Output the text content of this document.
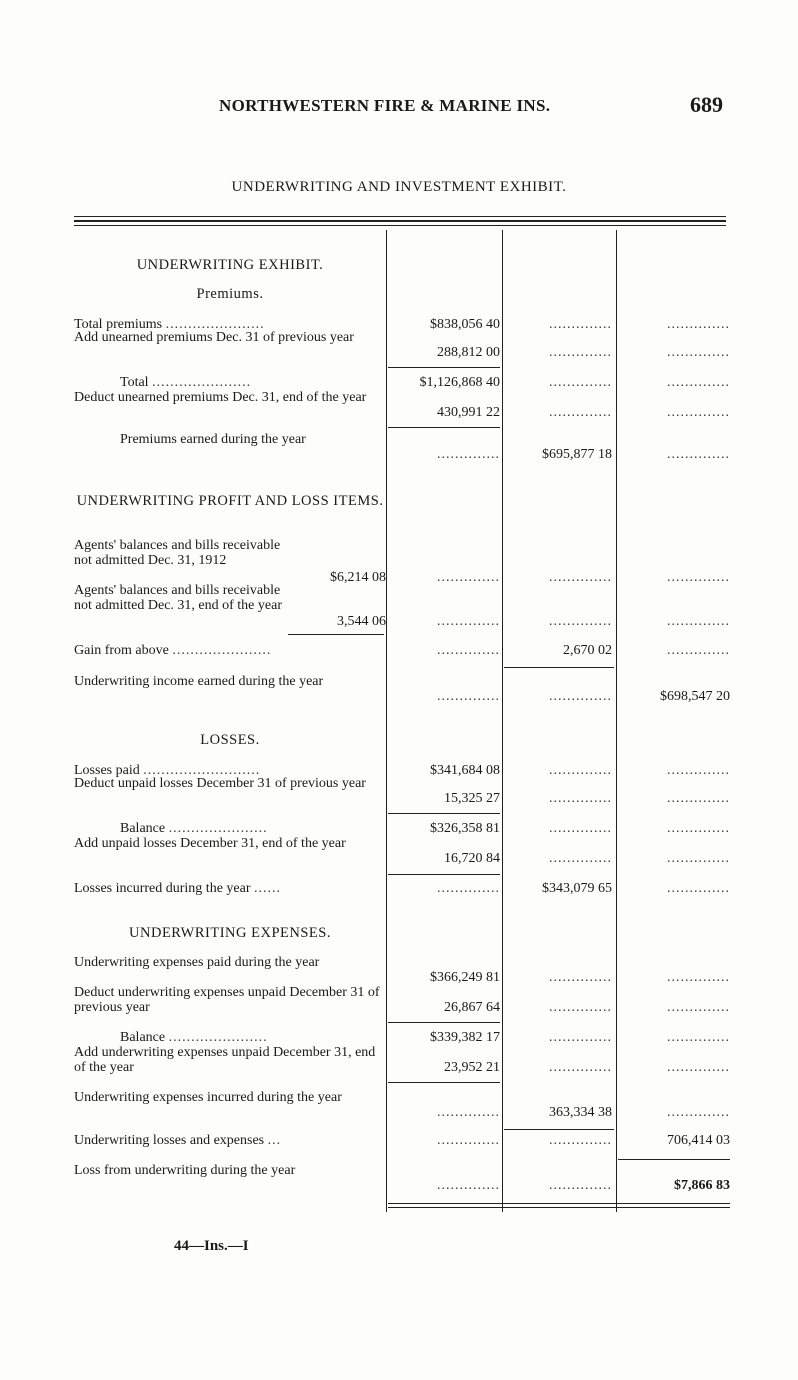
NORTHWESTERN FIRE & MARINE INS.	689
UNDERWRITING AND INVESTMENT EXHIBIT.
UNDERWRITING EXHIBIT.
Premiums.
Total premiums ......................	$838,056 40	..............	..............
Add unearned premiums Dec. 31 of previous year
288,812 00	..............	..............
Total ......................	$1,126,868 40	..............	..............
Deduct unearned premiums Dec. 31, end of the year
430,991 22	..............	..............
Premiums earned during the year
..............	$695,877 18	..............
UNDERWRITING PROFIT AND LOSS ITEMS.
Agents' balances and bills receivable not admitted Dec. 31, 1912
$6,214 08	..............	..............	..............
Agents' balances and bills receivable not admitted Dec. 31, end of the year
3,544 06	..............	..............	..............
Gain from above ......................	..............	2,670 02	..............
Underwriting income earned during the year
..............	..............	$698,547 20
LOSSES.
Losses paid ..........................	$341,684 08	..............	..............
Deduct unpaid losses December 31 of previous year
15,325 27	..............	..............
Balance ......................	$326,358 81	..............	..............
Add unpaid losses December 31, end of the year
16,720 84	..............	..............
Losses incurred during the year ......	..............	$343,079 65	..............
UNDERWRITING EXPENSES.
Underwriting expenses paid during the year
$366,249 81	..............	..............
Deduct underwriting expenses unpaid December 31 of previous year	26,867 64	..............	..............
Balance ......................	$339,382 17	..............	..............
Add underwriting expenses unpaid December 31, end of the year	23,952 21	..............	..............
Underwriting expenses incurred during the year
..............	363,334 38	..............
Underwriting losses and expenses ...	..............	..............	706,414 03
Loss from underwriting during the year
..............	..............	$7,866 83
44—Ins.—I
